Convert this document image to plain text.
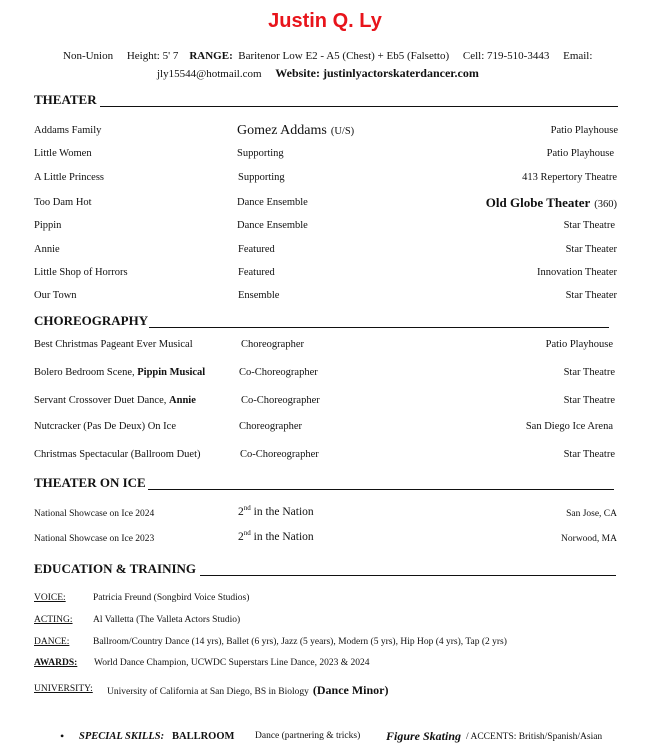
Justin Q. Ly
Non-Union Height: 5' 7 RANGE: Baritenor Low E2 - A5 (Chest) + Eb5 (Falsetto) Cell: 719-510-3443 Email:
jly15544@hotmail.com Website: justinlyactorskaterdancer.com
THEATER
Addams Family	Gomez Addams (U/S)	Patio Playhouse
Little Women	Supporting	Patio Playhouse
A Little Princess	Supporting	413 Repertory Theatre
Too Dam Hot	Dance Ensemble	Old Globe Theater (360)
Pippin	Dance Ensemble	Star Theatre
Annie	Featured	Star Theater
Little Shop of Horrors	Featured	Innovation Theater
Our Town	Ensemble	Star Theater
CHOREOGRAPHY
Best Christmas Pageant Ever Musical	Choreographer	Patio Playhouse
Bolero Bedroom Scene, Pippin Musical	Co-Choreographer	Star Theatre
Servant Crossover Duet Dance, Annie	Co-Choreographer	Star Theatre
Nutcracker (Pas De Deux) On Ice	Choreographer	San Diego Ice Arena
Christmas Spectacular (Ballroom Duet)	Co-Choreographer	Star Theatre
THEATER ON ICE
National Showcase on Ice 2024	2nd in the Nation	San Jose, CA
National Showcase on Ice 2023	2nd in the Nation	Norwood, MA
EDUCATION & TRAINING
VOICE:	Patricia Freund (Songbird Voice Studios)
ACTING: Al Valletta (The Valleta Actors Studio)
DANCE: Ballroom/Country Dance (14 yrs), Ballet (6 yrs), Jazz (5 years), Modern (5 yrs), Hip Hop (4 yrs), Tap (2 yrs)
AWARDS: World Dance Champion, UCWDC Superstars Line Dance, 2023 & 2024
UNIVERSITY: University of California at San Diego, BS in Biology (Dance Minor)
• SPECIAL SKILLS: BALLROOM Dance (partnering & tricks) Figure Skating / ACCENTS: British/Spanish/Asian
